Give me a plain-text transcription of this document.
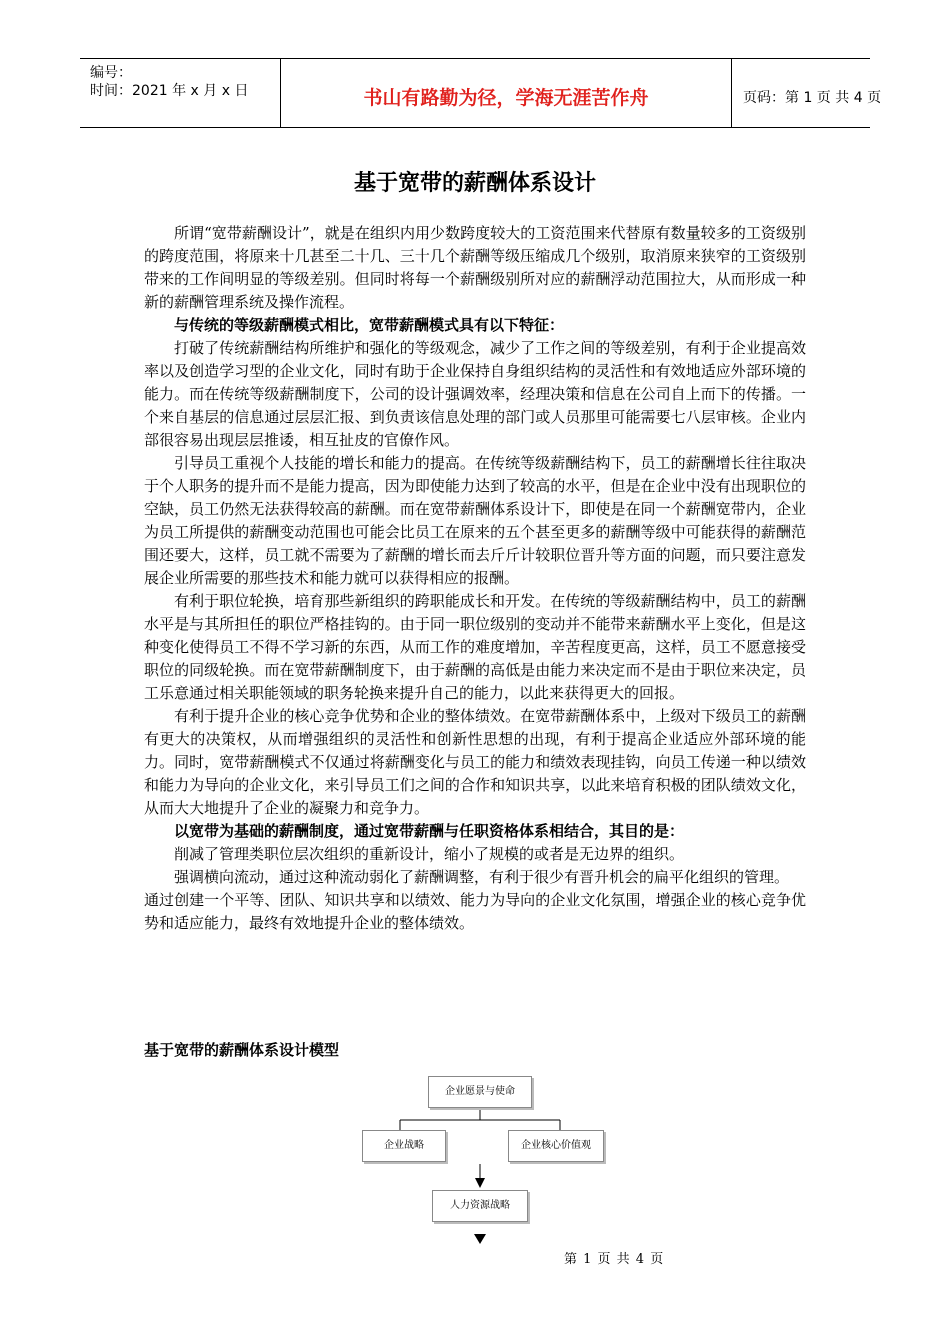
编号：
时间：2021 年 x 月 x 日	书山有路勤为径，学海无涯苦作舟	页码：第 1 页 共 4 页
基于宽带的薪酬体系设计

所谓“宽带薪酬设计”，就是在组织内用少数跨度较大的工资范围来代替原有数量较多的工资级别的跨度范围，将原来十几甚至二十几、三十几个薪酬等级压缩成几个级别，取消原来狭窄的工资级别带来的工作间明显的等级差别。但同时将每一个薪酬级别所对应的薪酬浮动范围拉大，从而形成一种新的薪酬管理系统及操作流程。

与传统的等级薪酬模式相比，宽带薪酬模式具有以下特征：

打破了传统薪酬结构所维护和强化的等级观念，减少了工作之间的等级差别，有利于企业提高效率以及创造学习型的企业文化，同时有助于企业保持自身组织结构的灵活性和有效地适应外部环境的能力。而在传统等级薪酬制度下，公司的设计强调效率，经理决策和信息在公司自上而下的传播。一个来自基层的信息通过层层汇报、到负责该信息处理的部门或人员那里可能需要七八层审核。企业内部很容易出现层层推诿，相互扯皮的官僚作风。

引导员工重视个人技能的增长和能力的提高。在传统等级薪酬结构下，员工的薪酬增长往往取决于个人职务的提升而不是能力提高，因为即使能力达到了较高的水平，但是在企业中没有出现职位的空缺，员工仍然无法获得较高的薪酬。而在宽带薪酬体系设计下，即使是在同一个薪酬宽带内，企业为员工所提供的薪酬变动范围也可能会比员工在原来的五个甚至更多的薪酬等级中可能获得的薪酬范围还要大，这样，员工就不需要为了薪酬的增长而去斤斤计较职位晋升等方面的问题，而只要注意发展企业所需要的那些技术和能力就可以获得相应的报酬。

有利于职位轮换，培育那些新组织的跨职能成长和开发。在传统的等级薪酬结构中，员工的薪酬水平是与其所担任的职位严格挂钩的。由于同一职位级别的变动并不能带来薪酬水平上变化，但是这种变化使得员工不得不学习新的东西，从而工作的难度增加，辛苦程度更高，这样，员工不愿意接受职位的同级轮换。而在宽带薪酬制度下，由于薪酬的高低是由能力来决定而不是由于职位来决定，员工乐意通过相关职能领域的职务轮换来提升自己的能力，以此来获得更大的回报。

有利于提升企业的核心竞争优势和企业的整体绩效。在宽带薪酬体系中，上级对下级员工的薪酬有更大的决策权，从而增强组织的灵活性和创新性思想的出现，有利于提高企业适应外部环境的能力。同时，宽带薪酬模式不仅通过将薪酬变化与员工的能力和绩效表现挂钩，向员工传递一种以绩效和能力为导向的企业文化，来引导员工们之间的合作和知识共享，以此来培育积极的团队绩效文化，从而大大地提升了企业的凝聚力和竞争力。

以宽带为基础的薪酬制度，通过宽带薪酬与任职资格体系相结合，其目的是：

削减了管理类职位层次组织的重新设计，缩小了规模的或者是无边界的组织。

强调横向流动，通过这种流动弱化了薪酬调整，有利于很少有晋升机会的扁平化组织的管理。

通过创建一个平等、团队、知识共享和以绩效、能力为导向的企业文化氛围，增强企业的核心竞争优势和适应能力，最终有效地提升企业的整体绩效。

基于宽带的薪酬体系设计模型
企业愿景与使命
企业战略	企业核心价值观
人力资源战略
第 1 页 共 4 页
